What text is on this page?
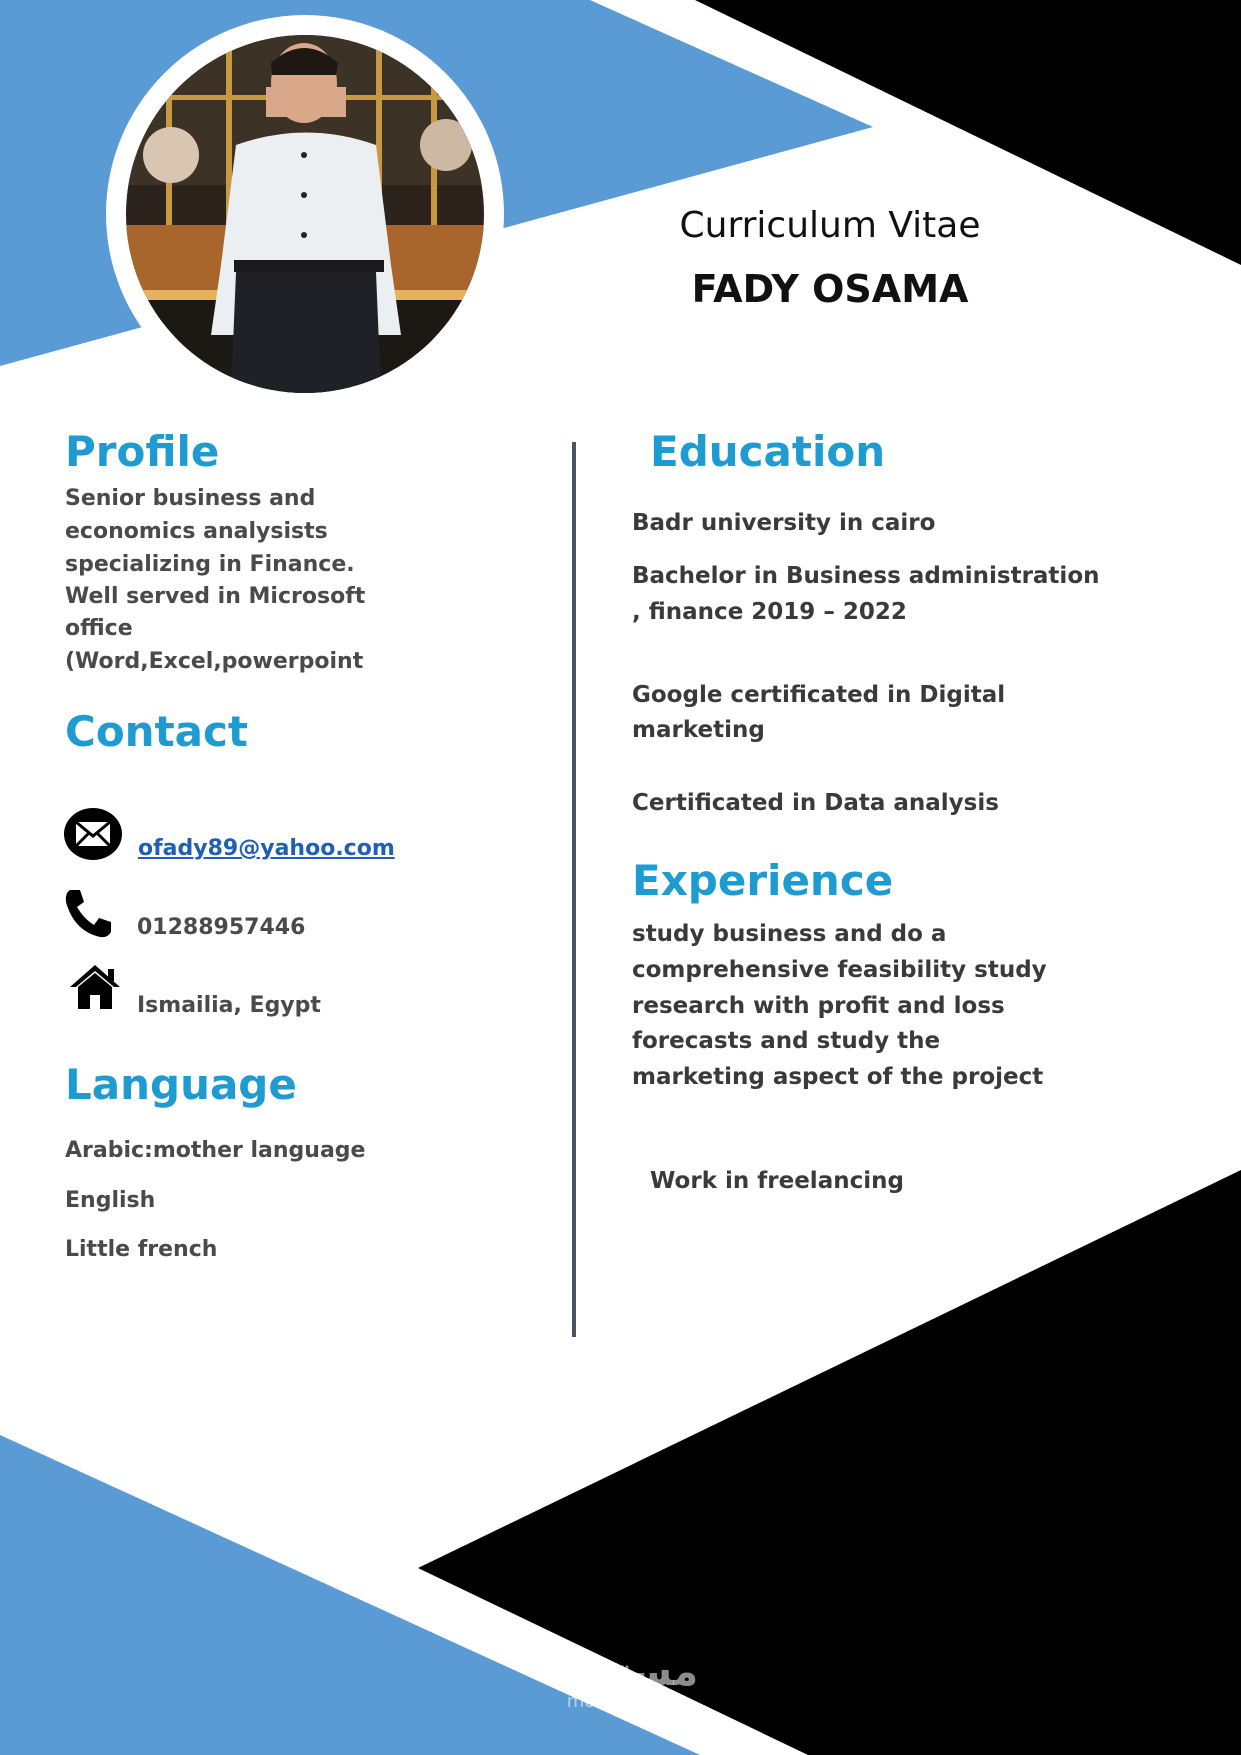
Curriculum Vitae
FADY OSAMA
Profile

Senior business and

economics analysists

specializing in Finance.

Well served in Microsoft

office

(Word,Excel,powerpoint

Contact
ofady89@yahoo.com

01288957446

Ismailia, Egypt

Language

Arabic:mother language

English

Little french

Education

Badr university in cairo

Bachelor in Business administration

, finance 2019 – 2022

Google certificated in Digital

marketing

Certificated in Data analysis

Experience

study business and do a

comprehensive feasibility study

research with profit and loss

forecasts and study the

marketing aspect of the project

Work in freelancing

مستقل
mostaql.com
